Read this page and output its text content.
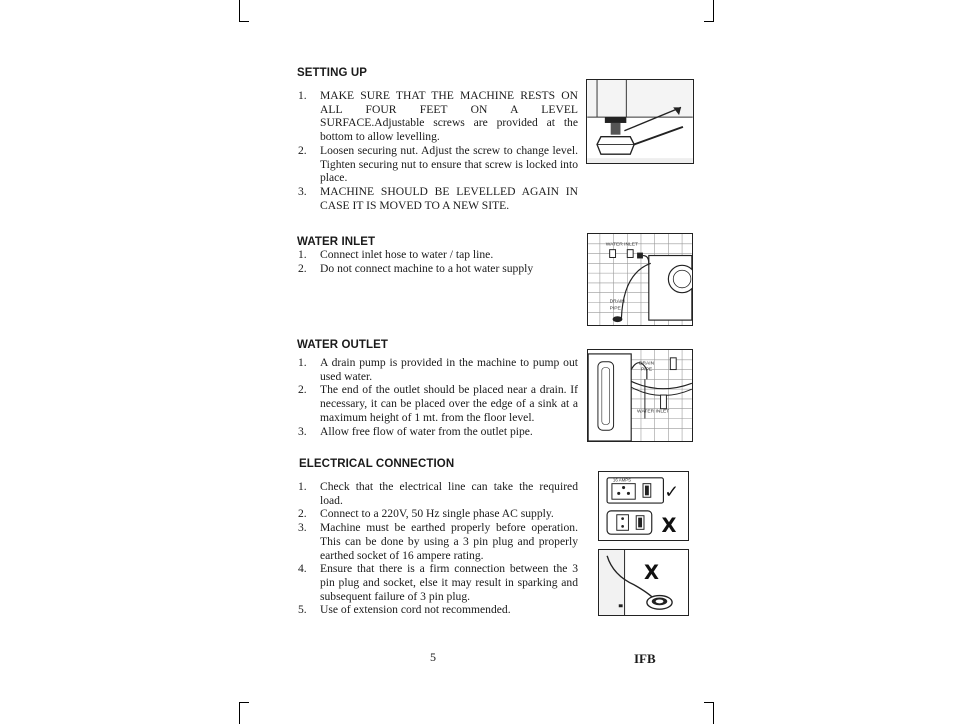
SETTING UP
1. MAKE SURE THAT THE MACHINE RESTS ON ALL FOUR FEET ON A LEVEL SURFACE.Adjustable screws are provided at the bottom to allow levelling.
2. Loosen securing nut. Adjust the screw to change level. Tighten securing nut to ensure that screw is locked into place.
3. MACHINE SHOULD BE LEVELLED AGAIN IN CASE IT IS MOVED TO A NEW SITE.
WATER INLET
1. Connect inlet hose to water / tap line.
2. Do not connect machine to a hot water supply
WATER INLET
DRAIN
PIPE
WATER OUTLET
1. A drain pump is provided in the machine to pump out used water.
2. The end of the outlet should be placed near a drain. If necessary, it can be placed over the edge of a sink at a maximum height of 1 mt. from the floor level.
3. Allow free flow of water from the outlet pipe.
DRAIN
PIPE
WATER INLET
ELECTRICAL CONNECTION
1. Check that the electrical line can take the required load.
2. Connect to a 220V, 50 Hz single phase AC supply.
3. Machine must be earthed properly before operation. This can be done by using a 3 pin plug and properly earthed socket of 16 ampere rating.
4. Ensure that there is a firm connection between the 3 pin plug and socket, else it may result in sparking and subsequent failure of 3 pin plug.
5. Use of extension cord not recommended.
16 AMPS
✓
X
X
5	IFB
